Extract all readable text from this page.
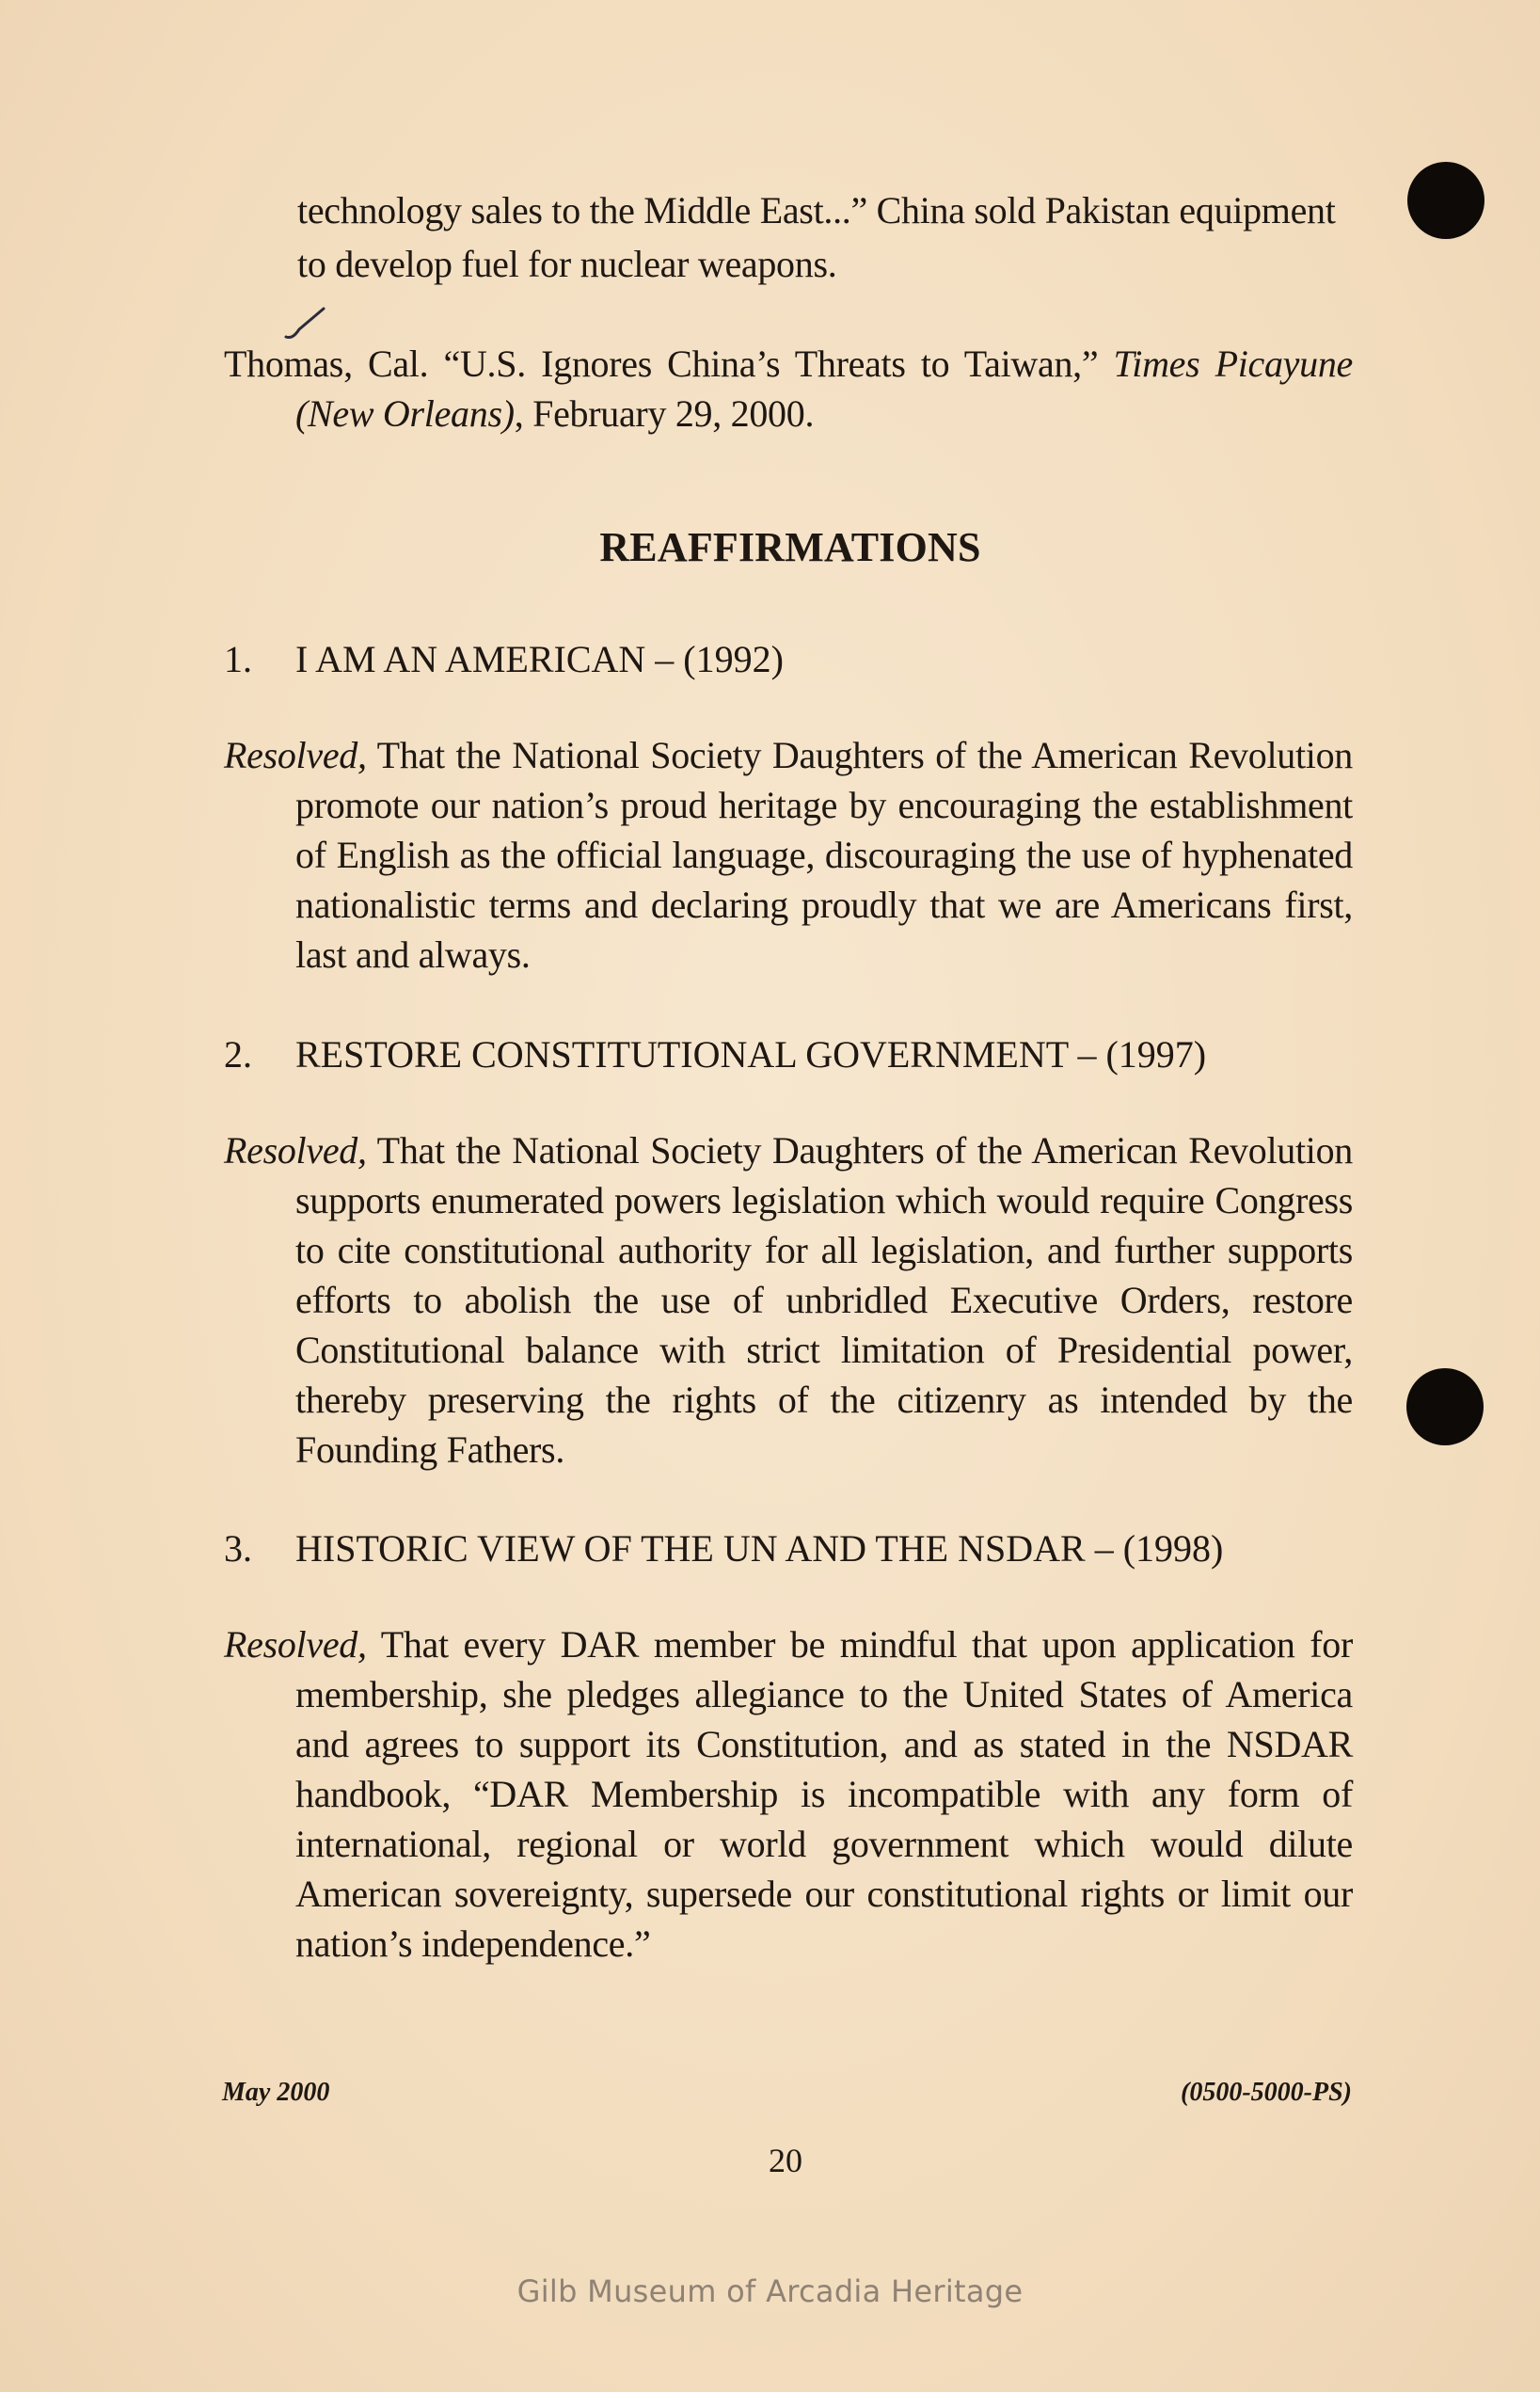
technology sales to the Middle East...” China sold Pakistan equipment
to develop fuel for nuclear weapons.
Thomas, Cal. “U.S. Ignores China’s Threats to Taiwan,” Times Picayune (New Orleans), February 29, 2000.
REAFFIRMATIONS
1. I AM AN AMERICAN – (1992)
Resolved, That the National Society Daughters of the American Revolution promote our nation’s proud heritage by encouraging the establishment of English as the official language, discouraging the use of hyphenated nationalistic terms and declaring proudly that we are Americans first, last and always.
2. RESTORE CONSTITUTIONAL GOVERNMENT – (1997)
Resolved, That the National Society Daughters of the American Revolution supports enumerated powers legislation which would require Congress to cite constitutional authority for all legislation, and further supports efforts to abolish the use of unbridled Executive Orders, restore Constitutional balance with strict limitation of Presidential power, thereby preserving the rights of the citizenry as intended by the Founding Fathers.
3. HISTORIC VIEW OF THE UN AND THE NSDAR – (1998)
Resolved, That every DAR member be mindful that upon application for membership, she pledges allegiance to the United States of America and agrees to support its Constitution, and as stated in the NSDAR handbook, “DAR Membership is incompatible with any form of international, regional or world government which would dilute American sovereignty, supersede our constitutional rights or limit our nation’s independence.”
May 2000	(0500-5000-PS)
20
Gilb Museum of Arcadia Heritage
